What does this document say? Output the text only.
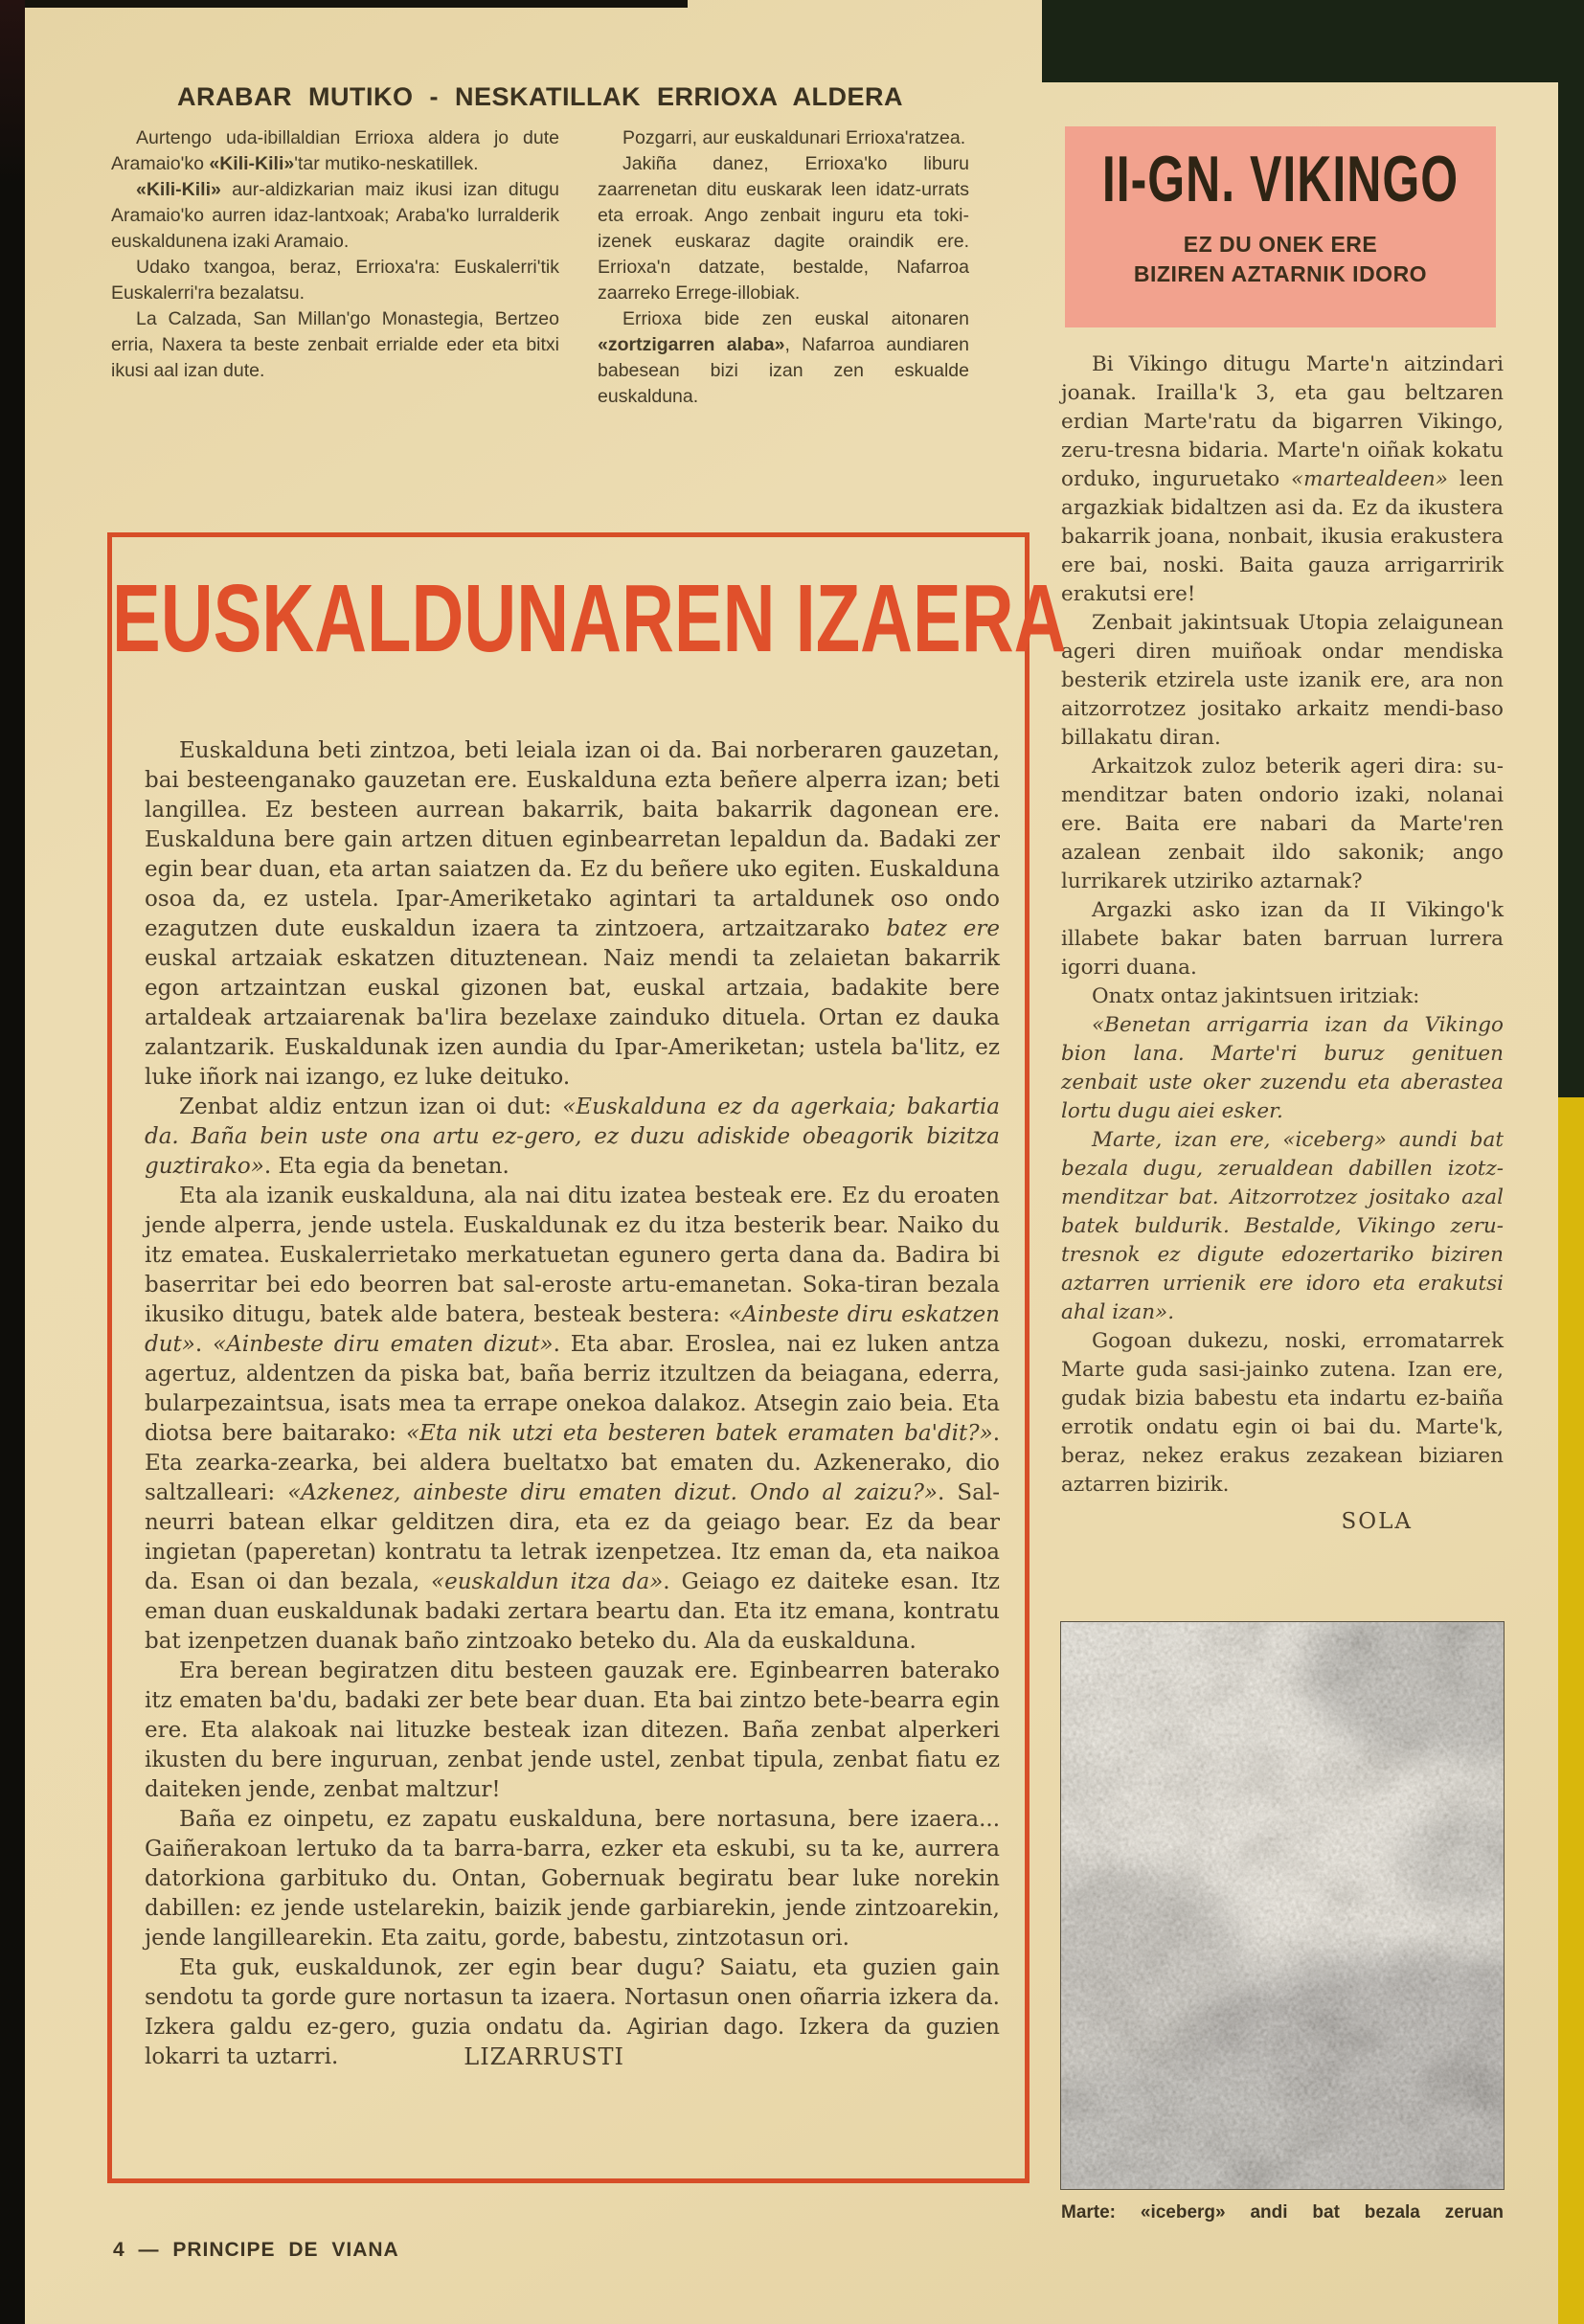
ARABAR MUTIKO - NESKATILLAK ERRIOXA ALDERA

Aurtengo uda-ibillaldian Errioxa aldera jo dute Aramaio'ko «Kili-Kili»'tar mutiko-neskatillek.

«Kili-Kili» aur-aldizkarian maiz ikusi izan ditugu Aramaio'ko aurren idaz-lantxoak; Araba'ko lurralderik euskaldunena izaki Aramaio.

Udako txangoa, beraz, Errioxa'ra: Euskalerri'tik Euskalerri'ra bezalatsu.

La Calzada, San Millan'go Monastegia, Bertzeo erria, Naxera ta beste zenbait errialde eder eta bitxi ikusi aal izan dute.

Pozgarri, aur euskaldunari Errioxa'ratzea.

Jakiña danez, Errioxa'ko liburu zaarrenetan ditu euskarak leen idatz-urrats eta erroak. Ango zenbait inguru eta toki-izenek euskaraz dagite oraindik ere. Errioxa'n datzate, bestalde, Nafarroa zaarreko Errege-illobiak.

Errioxa bide zen euskal aitonaren «zortzigarren alaba», Nafarroa aundiaren babesean bizi izan zen eskualde euskalduna.

II-GN. VIKINGO
EZ DU ONEK ERE
BIZIREN AZTARNIK IDORO

Bi Vikingo ditugu Marte'n aitzindari joanak. Irailla'k 3, eta gau beltzaren erdian Marte'ratu da bigarren Vikingo, zeru-tresna bidaria. Marte'n oiñak kokatu orduko, inguruetako «martealdeen» leen argazkiak bidaltzen asi da. Ez da ikustera bakarrik joana, nonbait, ikusia erakustera ere bai, noski. Baita gauza arrigarririk erakutsi ere!

Zenbait jakintsuak Utopia zelaigunean ageri diren muiñoak ondar mendiska besterik etzirela uste izanik ere, ara non aitzorrotzez jositako arkaitz mendi-baso billakatu diran.

Arkaitzok zuloz beterik ageri dira: su-menditzar baten ondorio izaki, nolanai ere. Baita ere nabari da Marte'ren azalean zenbait ildo sakonik; ango lurrikarek utziriko aztarnak?

Argazki asko izan da II Vikingo'k illabete bakar baten barruan lurrera igorri duana.

Onatx ontaz jakintsuen iritziak:

«Benetan arrigarria izan da Vikingo bion lana. Marte'ri buruz genituen zenbait uste oker zuzendu eta aberastea lortu dugu aiei esker.

Marte, izan ere, «iceberg» aundi bat bezala dugu, zerualdean dabillen izotz-menditzar bat. Aitzorrotzez jositako azal batek buldurik. Bestalde, Vikingo zeru-tresnok ez digute edozertariko biziren aztarren urrienik ere idoro eta erakutsi ahal izan».

Gogoan dukezu, noski, erromatarrek Marte guda sasi-jainko zutena. Izan ere, gudak bizia babestu eta indartu ez-baiña errotik ondatu egin oi bai du. Marte'k, beraz, nekez erakus zezakean biziaren aztarren bizirik.

SOLA
Marte: «iceberg» andi bat bezala zeruan
EUSKALDUNAREN IZAERA

Euskalduna beti zintzoa, beti leiala izan oi da. Bai norberaren gauzetan, bai besteenganako gauzetan ere. Euskalduna ezta beñere alperra izan; beti langillea. Ez besteen aurrean bakarrik, baita bakarrik dagonean ere. Euskalduna bere gain artzen dituen eginbearretan lepaldun da. Badaki zer egin bear duan, eta artan saiatzen da. Ez du beñere uko egiten. Euskalduna osoa da, ez ustela. Ipar-Ameriketako agintari ta artaldunek oso ondo ezagutzen dute euskaldun izaera ta zintzoera, artzaitzarako batez ere euskal artzaiak eskatzen dituztenean. Naiz mendi ta zelaietan bakarrik egon artzaintzan euskal gizonen bat, euskal artzaia, badakite bere artaldeak artzaiarenak ba'lira bezelaxe zainduko dituela. Ortan ez dauka zalantzarik. Euskaldunak izen aundia du Ipar-Ameriketan; ustela ba'litz, ez luke iñork nai izango, ez luke deituko.

Zenbat aldiz entzun izan oi dut: «Euskalduna ez da agerkaia; bakartia da. Baña bein uste ona artu ez-gero, ez duzu adiskide obeagorik bizitza guztirako». Eta egia da benetan.

Eta ala izanik euskalduna, ala nai ditu izatea besteak ere. Ez du eroaten jende alperra, jende ustela. Euskaldunak ez du itza besterik bear. Naiko du itz ematea. Euskalerrietako merkatuetan egunero gerta dana da. Badira bi baserritar bei edo beorren bat sal-eroste artu-emanetan. Soka-tiran bezala ikusiko ditugu, batek alde batera, besteak bestera: «Ainbeste diru eskatzen dut». «Ainbeste diru ematen dizut». Eta abar. Eroslea, nai ez luken antza agertuz, aldentzen da piska bat, baña berriz itzultzen da beiagana, ederra, bularpezaintsua, isats mea ta errape onekoa dalakoz. Atsegin zaio beia. Eta diotsa bere baitarako: «Eta nik utzi eta besteren batek eramaten ba'dit?». Eta zearka-zearka, bei aldera bueltatxo bat ematen du. Azkenerako, dio saltzalleari: «Azkenez, ainbeste diru ematen dizut. Ondo al zaizu?». Sal-neurri batean elkar gelditzen dira, eta ez da geiago bear. Ez da bear ingietan (paperetan) kontratu ta letrak izenpetzea. Itz eman da, eta naikoa da. Esan oi dan bezala, «euskaldun itza da». Geiago ez daiteke esan. Itz eman duan euskaldunak badaki zertara beartu dan. Eta itz emana, kontratu bat izenpetzen duanak baño zintzoako beteko du. Ala da euskalduna.

Era berean begiratzen ditu besteen gauzak ere. Eginbearren baterako itz ematen ba'du, badaki zer bete bear duan. Eta bai zintzo bete-bearra egin ere. Eta alakoak nai lituzke besteak izan ditezen. Baña zenbat alperkeri ikusten du bere inguruan, zenbat jende ustel, zenbat tipula, zenbat fiatu ez daiteken jende, zenbat maltzur!

Baña ez oinpetu, ez zapatu euskalduna, bere nortasuna, bere izaera... Gaiñerakoan lertuko da ta barra-barra, ezker eta eskubi, su ta ke, aurrera datorkiona garbituko du. Ontan, Gobernuak begiratu bear luke norekin dabillen: ez jende ustelarekin, baizik jende garbiarekin, jende zintzoarekin, jende langillearekin. Eta zaitu, gorde, babestu, zintzotasun ori.

Eta guk, euskaldunok, zer egin bear dugu? Saiatu, eta guzien gain sendotu ta gorde gure nortasun ta izaera. Nortasun onen oñarria izkera da. Izkera galdu ez-gero, guzia ondatu da. Agirian dago. Izkera da guzien lokarri ta uztarri.	LIZARRUSTI
4 — PRINCIPE DE VIANA
